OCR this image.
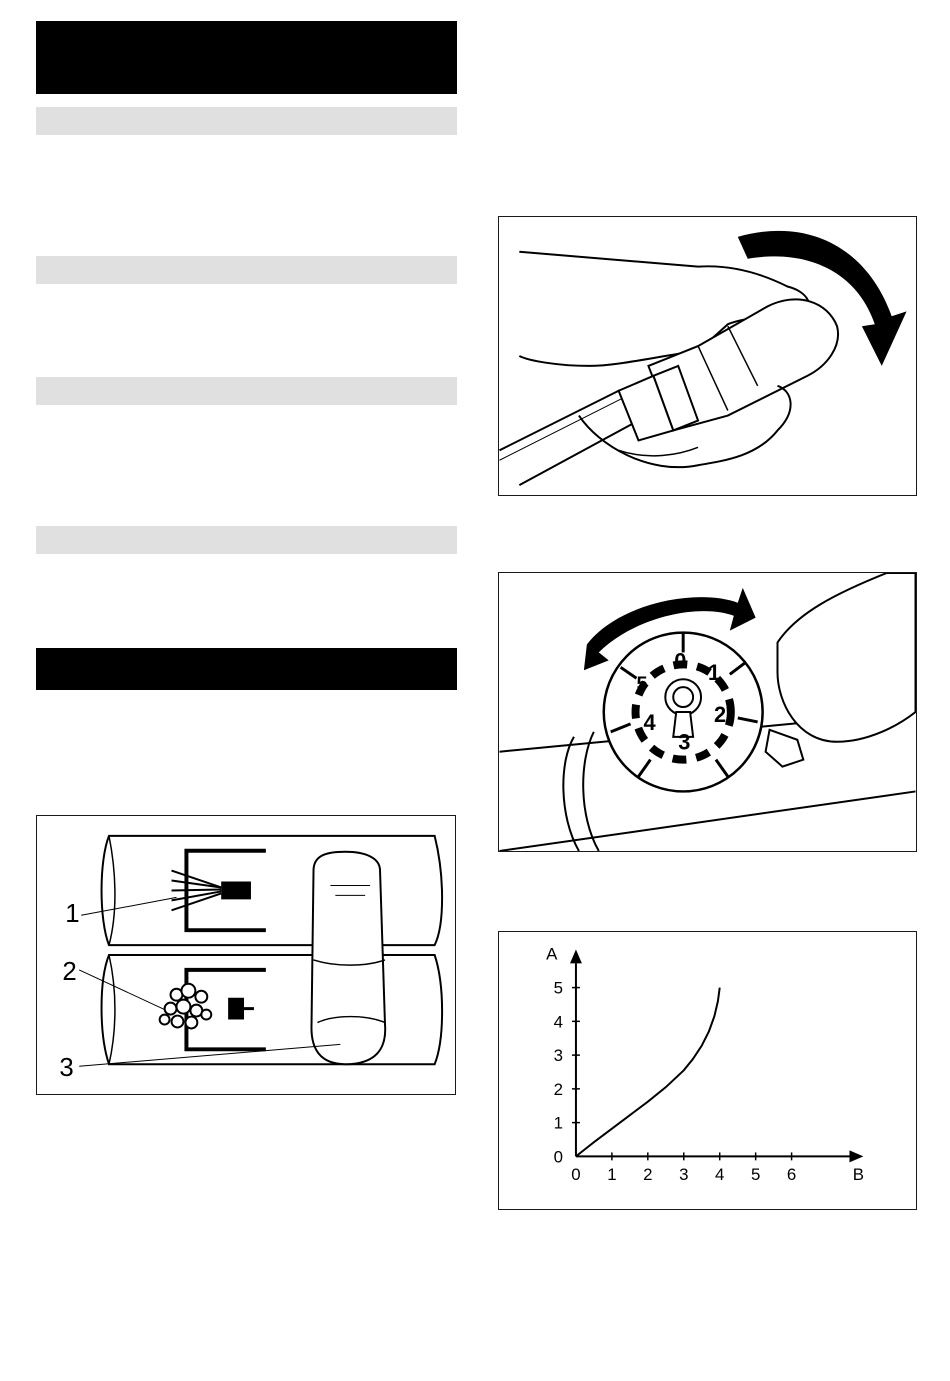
1
2
3
0 1
2
3
4
5
0 1 2 3 4 5 6
0
1
2
3
4
5
A
B
